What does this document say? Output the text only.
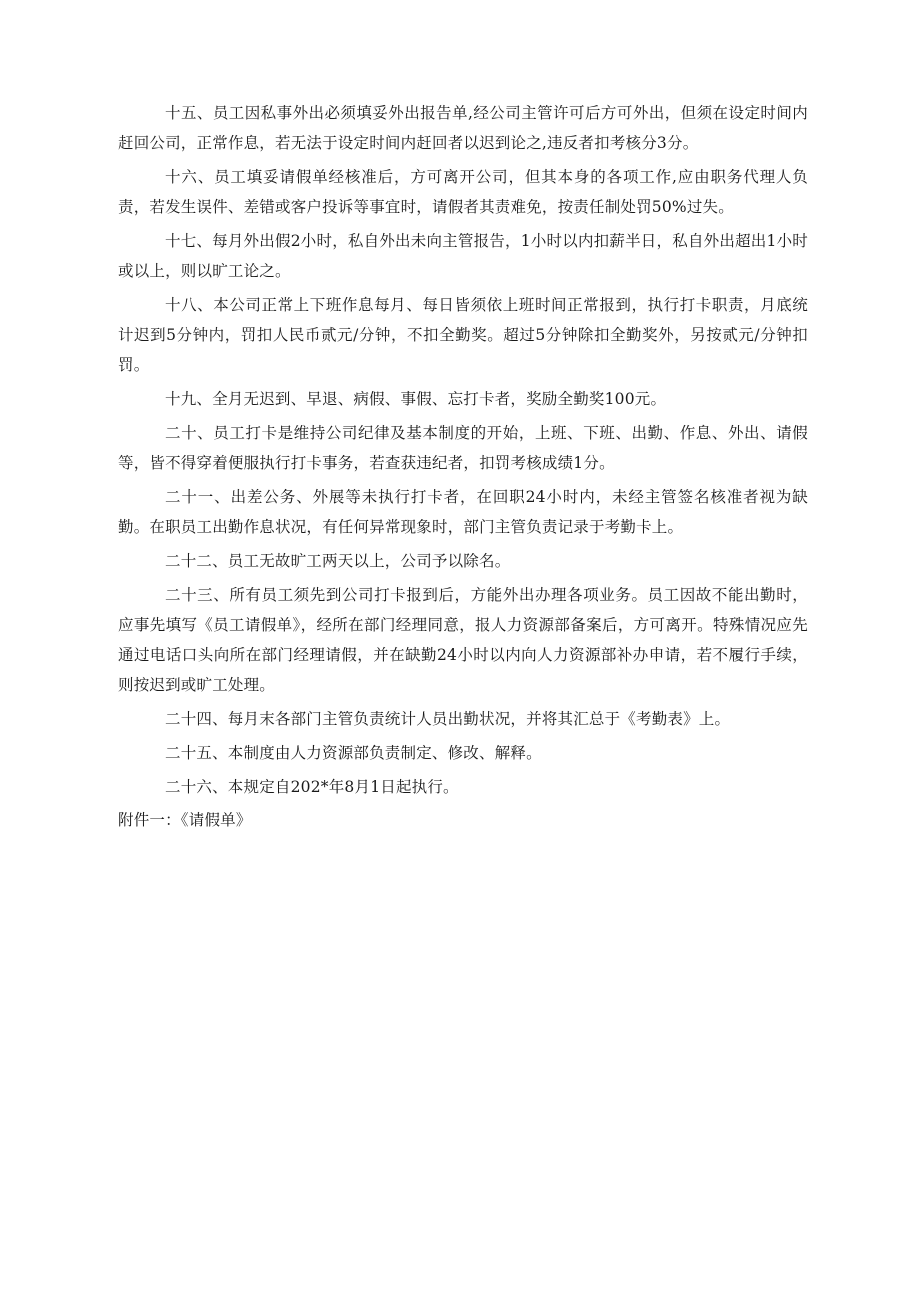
十五、员工因私事外出必须填妥外出报告单,经公司主管许可后方可外出，但须在设定时间内赶回公司，正常作息，若无法于设定时间内赶回者以迟到论之,违反者扣考核分3分。

十六、员工填妥请假单经核准后，方可离开公司，但其本身的各项工作,应由职务代理人负责，若发生误件、差错或客户投诉等事宜时，请假者其责难免，按责任制处罚50%过失。

十七、每月外出假2小时，私自外出未向主管报告，1小时以内扣薪半日，私自外出超出1小时或以上，则以旷工论之。

十八、本公司正常上下班作息每月、每日皆须依上班时间正常报到，执行打卡职责，月底统计迟到5分钟内，罚扣人民币贰元/分钟，不扣全勤奖。超过5分钟除扣全勤奖外，另按贰元/分钟扣罚。

十九、全月无迟到、早退、病假、事假、忘打卡者，奖励全勤奖100元。

二十、员工打卡是维持公司纪律及基本制度的开始，上班、下班、出勤、作息、外出、请假等，皆不得穿着便服执行打卡事务，若查获违纪者，扣罚考核成绩1分。

二十一、出差公务、外展等未执行打卡者，在回职24小时内，未经主管签名核准者视为缺勤。在职员工出勤作息状况，有任何异常现象时，部门主管负责记录于考勤卡上。

二十二、员工无故旷工两天以上，公司予以除名。

二十三、所有员工须先到公司打卡报到后，方能外出办理各项业务。员工因故不能出勤时，应事先填写《员工请假单》，经所在部门经理同意，报人力资源部备案后，方可离开。特殊情况应先通过电话口头向所在部门经理请假，并在缺勤24小时以内向人力资源部补办申请，若不履行手续，则按迟到或旷工处理。

二十四、每月末各部门主管负责统计人员出勤状况，并将其汇总于《考勤表》上。

二十五、本制度由人力资源部负责制定、修改、解释。

二十六、本规定自202*年8月1日起执行。

附件一：《请假单》
